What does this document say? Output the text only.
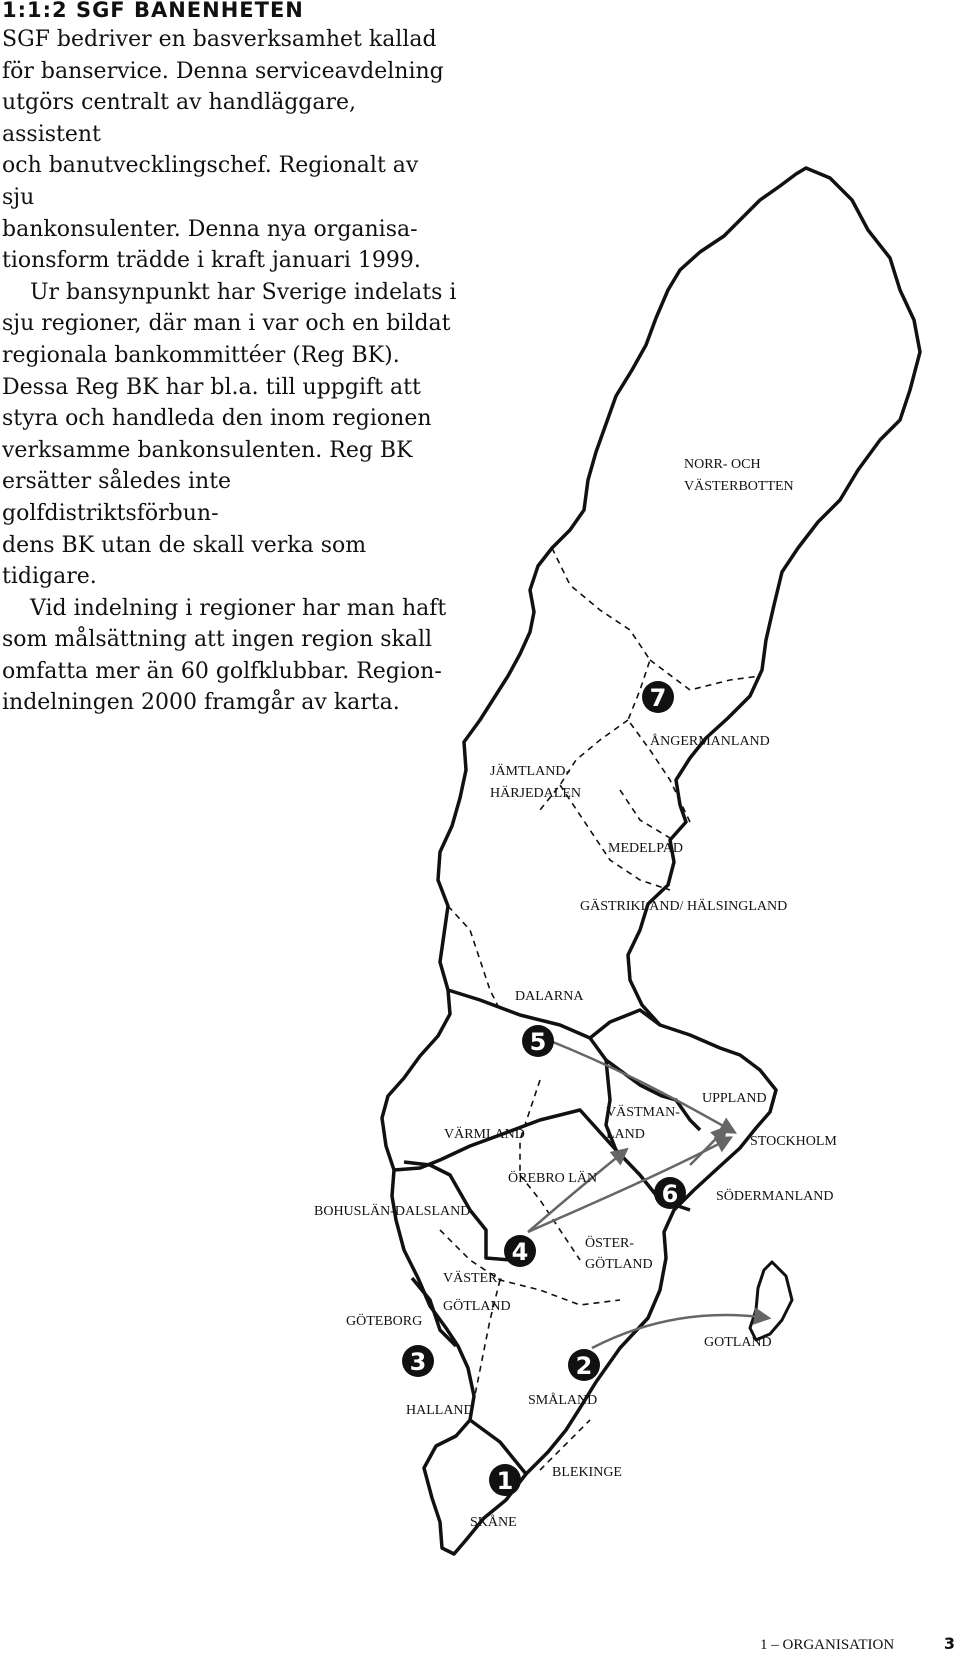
1:1:2 SGF BANENHETEN

SGF bedriver en basverksamhet kallad

för banservice. Denna serviceavdelning

utgörs centralt av handläggare, assistent

och banutvecklingschef. Regionalt av sju

bankonsulenter. Denna nya organisa-

tionsform trädde i kraft januari 1999.

Ur bansynpunkt har Sverige indelats i

sju regioner, där man i var och en bildat

regionala bankommittéer (Reg BK).

Dessa Reg BK har bl.a. till uppgift att

styra och handleda den inom regionen

verksamme bankonsulenten. Reg BK

ersätter således inte golfdistriktsförbun-

dens BK utan de skall verka som tidigare.

Vid indelning i regioner har man haft

som målsättning att ingen region skall

omfatta mer än 60 golfklubbar. Region-

indelningen 2000 framgår av karta.

NORR- OCH
VÄSTERBOTTEN
ÅNGERMANLAND
JÄMTLAND-
HÄRJEDALEN
MEDELPAD
GÄSTRIKLAND/ HÄLSINGLAND
DALARNA
VÄRMLAND
VÄSTMAN-
LAND
UPPLAND
STOCKHOLM
ÖREBRO LÄN
SÖDERMANLAND
BOHUSLÄN-DALSLAND
ÖSTER-
GÖTLAND
VÄSTER-
GÖTLAND
GÖTEBORG
GOTLAND
HALLAND
SMÅLAND
BLEKINGE
SKÅNE
7
5
6
4
3	2
1
1 – ORGANISATION	3
